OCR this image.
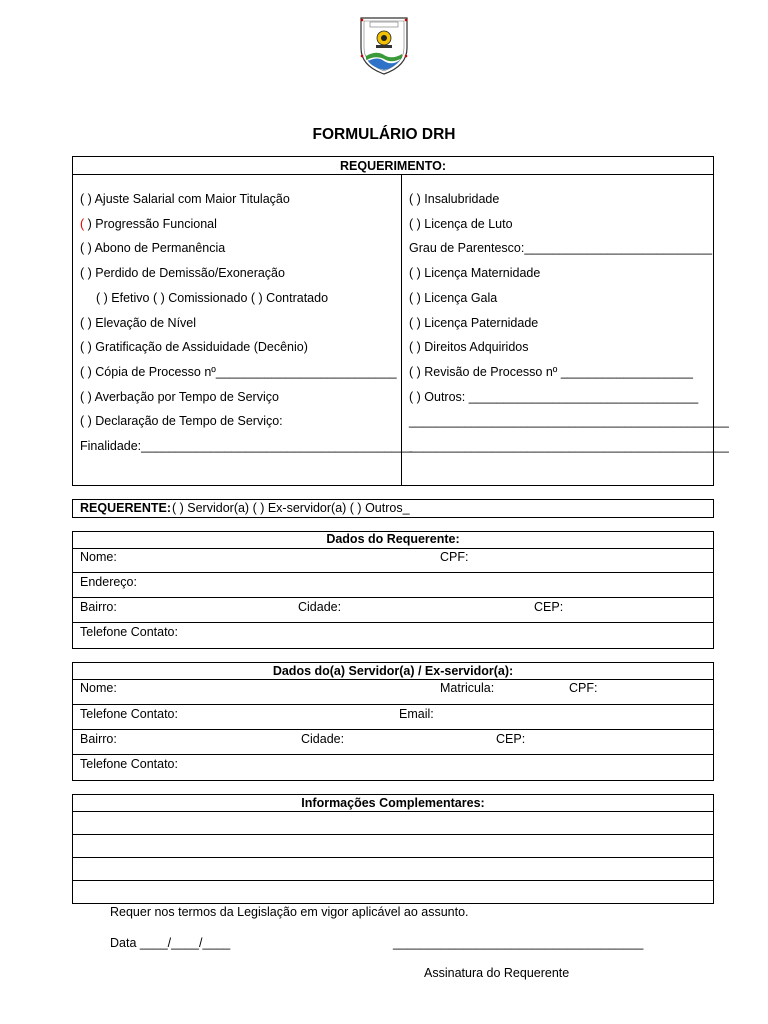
FORMULÁRIO DRH
REQUERIMENTO:
( ) Ajuste Salarial com Maior Titulação
( ) Progressão Funcional
( ) Abono de Permanência
( ) Perdido de Demissão/Exoneração
( ) Efetivo ( ) Comissionado ( ) Contratado
( ) Elevação de Nível
( ) Gratificação de Assiduidade (Decênio)
( ) Cópia de Processo nº__________________________
( ) Averbação por Tempo de Serviço
( ) Declaração de Tempo de Serviço:
Finalidade:_______________________________________
( ) Insalubridade
( ) Licença de Luto
Grau de Parentesco:___________________________
( ) Licença Maternidade
( ) Licença Gala
( ) Licença Paternidade
( ) Direitos Adquiridos
( ) Revisão de Processo nº ___________________
( ) Outros: _________________________________
______________________________________________
______________________________________________
REQUERENTE: ( ) Servidor(a) ( ) Ex-servidor(a) ( ) Outros_
Dados do Requerente:
Nome:	CPF:
Endereço:
Bairro:	Cidade:	CEP:
Telefone Contato:
Dados do(a) Servidor(a) / Ex-servidor(a):
Nome:	Matricula:	CPF:
Telefone Contato:	Email:
Bairro:	Cidade:	CEP:
Telefone Contato:
Informações Complementares:
Requer nos termos da Legislação em vigor aplicável ao assunto.
Data ____/____/____	____________________________________
Assinatura do Requerente
